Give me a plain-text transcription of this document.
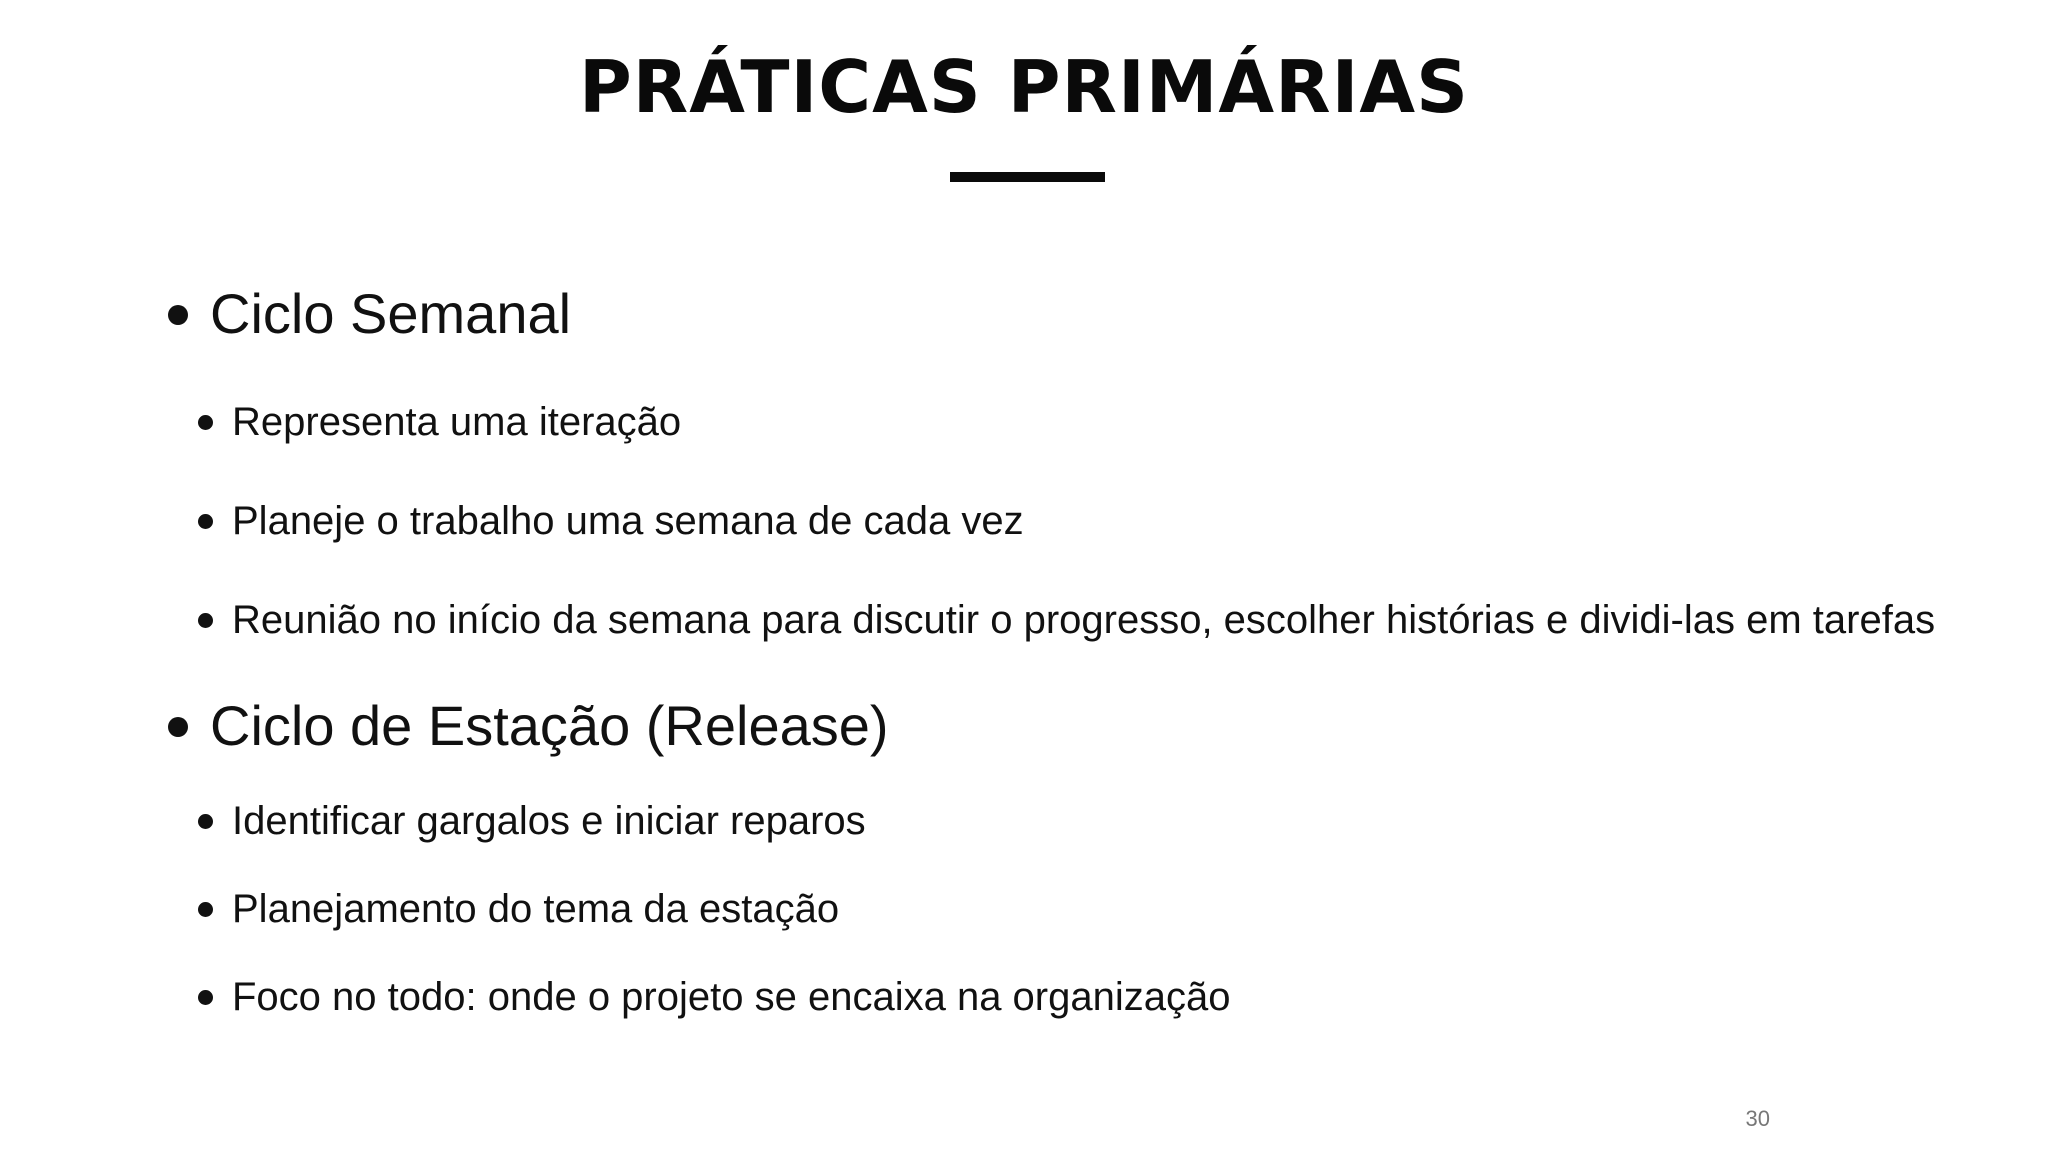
PRÁTICAS PRIMÁRIAS
Ciclo Semanal
Representa uma iteração
Planeje o trabalho uma semana de cada vez
Reunião no início da semana para discutir o progresso, escolher histórias e dividi-las em tarefas
Ciclo de Estação (Release)
Identificar gargalos e iniciar reparos
Planejamento do tema da estação
Foco no todo: onde o projeto se encaixa na organização
30
